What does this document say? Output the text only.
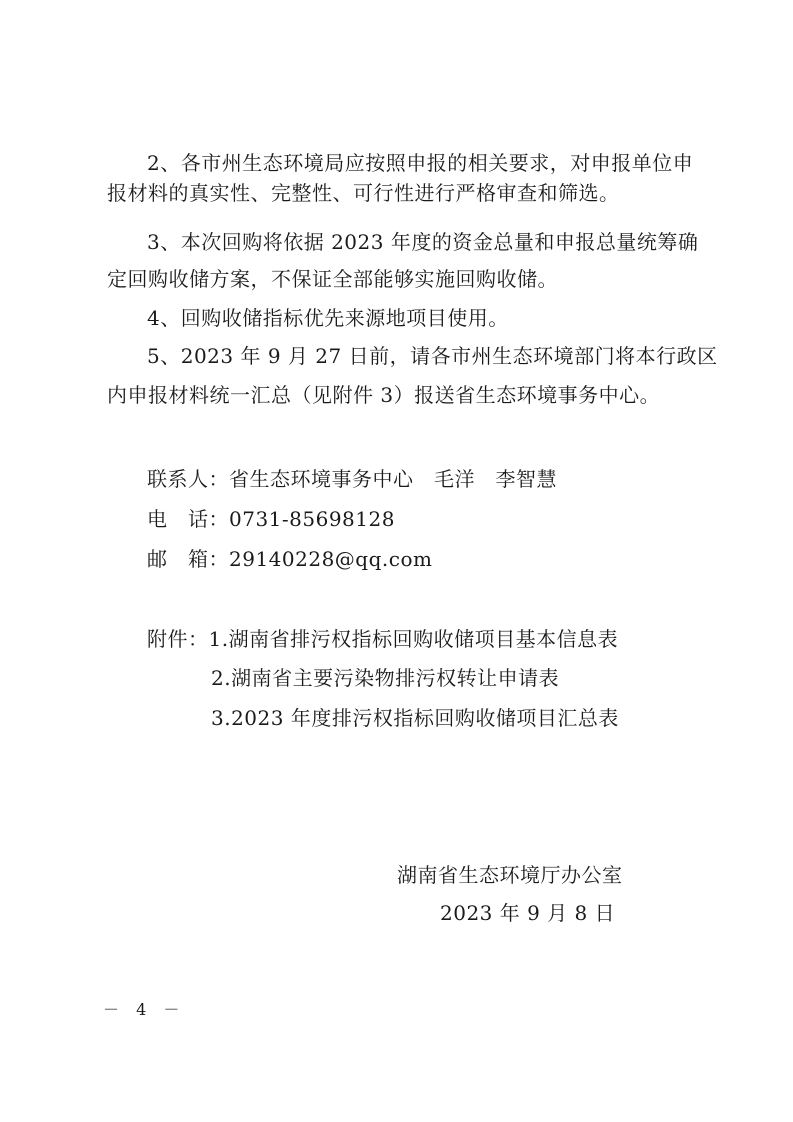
2、各市州生态环境局应按照申报的相关要求，对申报单位申
报材料的真实性、完整性、可行性进行严格审查和筛选。
3、本次回购将依据 2023 年度的资金总量和申报总量统筹确
定回购收储方案，不保证全部能够实施回购收储。
4、回购收储指标优先来源地项目使用。
5、2023 年 9 月 27 日前，请各市州生态环境部门将本行政区
内申报材料统一汇总（见附件 3）报送省生态环境事务中心。
联系人：省生态环境事务中心　毛洋　李智慧
电　话：0731-85698128
邮　箱：29140228@qq.com
附件：1.湖南省排污权指标回购收储项目基本信息表
2.湖南省主要污染物排污权转让申请表
3.2023 年度排污权指标回购收储项目汇总表
湖南省生态环境厅办公室
2023 年 9 月 8 日
－ 4 －
